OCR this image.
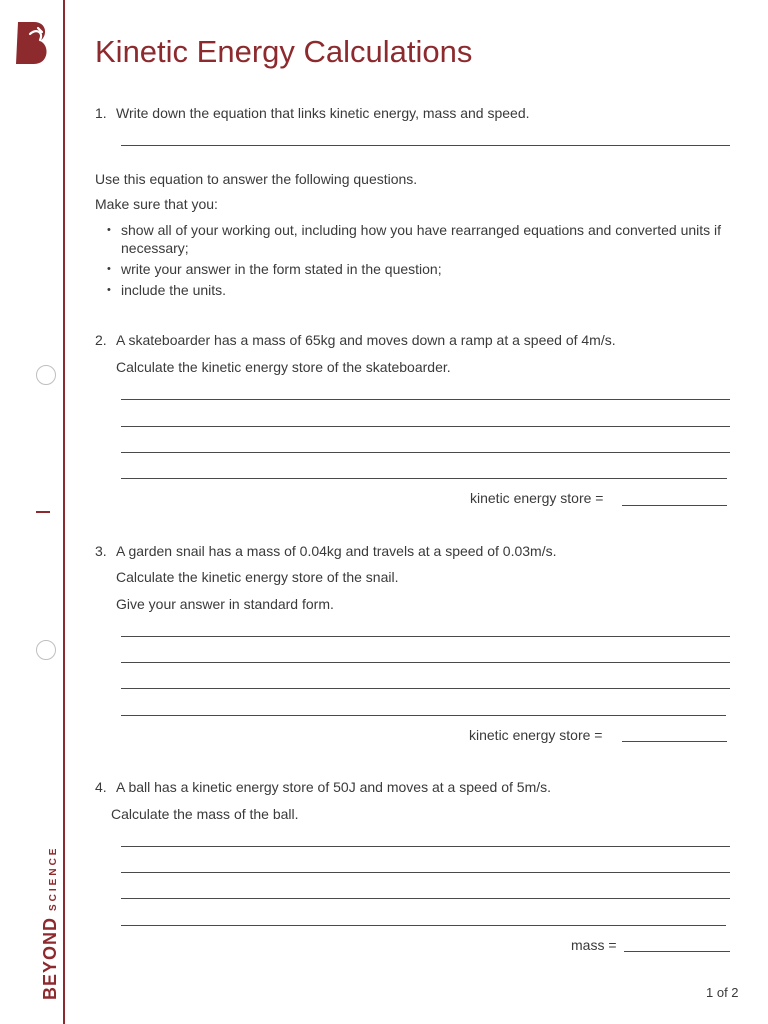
BEYONDSCIENCE
Kinetic Energy Calculations
1. Write down the equation that links kinetic energy, mass and speed.
Use this equation to answer the following questions.
Make sure that you:
• show all of your working out, including how you have rearranged equations and converted units if necessary;
• write your answer in the form stated in the question;
• include the units.
2. A skateboarder has a mass of 65kg and moves down a ramp at a speed of 4m/s.
Calculate the kinetic energy store of the skateboarder.
kinetic energy store =
3. A garden snail has a mass of 0.04kg and travels at a speed of 0.03m/s.
Calculate the kinetic energy store of the snail.
Give your answer in standard form.
kinetic energy store =
4. A ball has a kinetic energy store of 50J and moves at a speed of 5m/s.
Calculate the mass of the ball.
mass =
1 of 2
